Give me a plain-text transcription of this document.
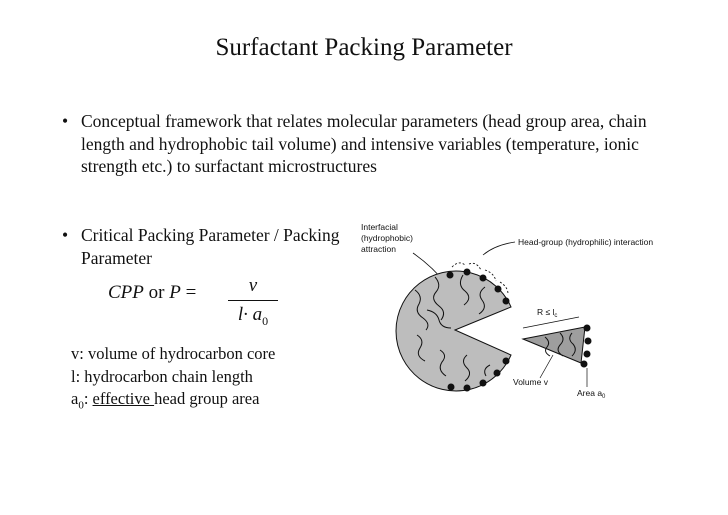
Surfactant Packing Parameter
• Conceptual framework that relates molecular parameters (head group area, chain length and hydrophobic tail volume) and intensive variables (temperature, ionic strength etc.) to surfactant microstructures
• Critical Packing Parameter / Packing Parameter
CPP or P =	v
$l\cdot a_0$
v: volume of hydrocarbon core
l: hydrocarbon chain length
$a_0$: effective head group area
Interfacial
(hydrophobic)
attraction
Head-group (hydrophilic) interaction
$R \le l_c$
Volume v
Area $a_0$
